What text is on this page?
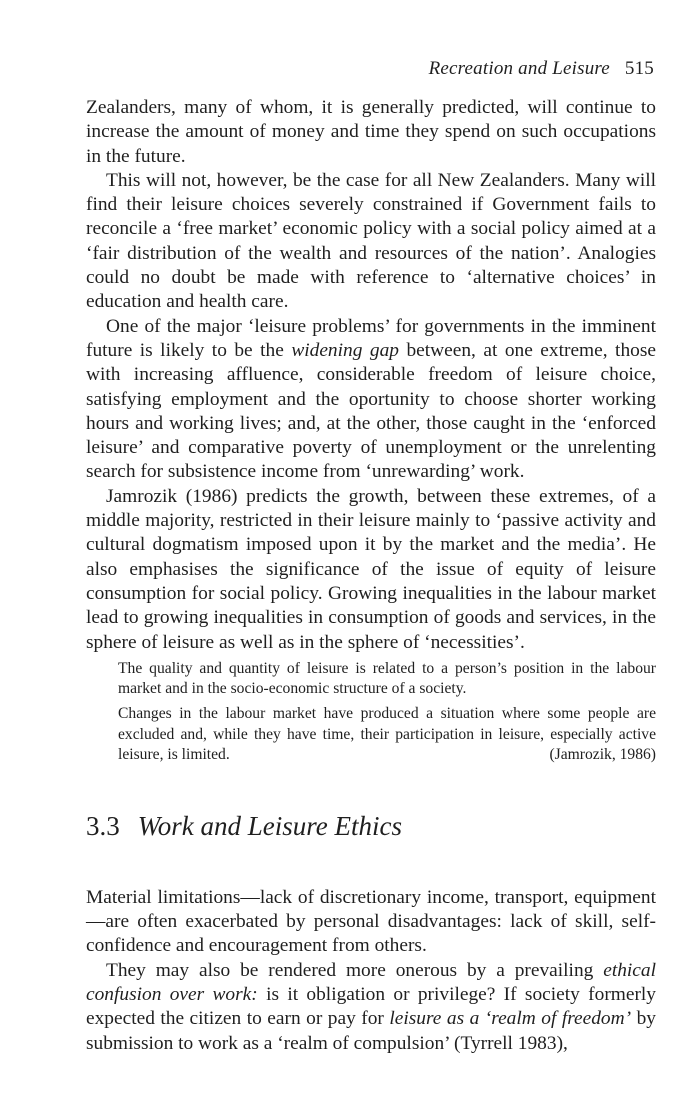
Recreation and Leisure 515

Zealanders, many of whom, it is generally predicted, will continue to increase the amount of money and time they spend on such occupations in the future.

This will not, however, be the case for all New Zealanders. Many will find their leisure choices severely constrained if Government fails to reconcile a ‘free market’ economic policy with a social policy aimed at a ‘fair distribution of the wealth and resources of the nation’. Analogies could no doubt be made with reference to ‘alternative choices’ in education and health care.

One of the major ‘leisure problems’ for governments in the imminent future is likely to be the widening gap between, at one extreme, those with increasing affluence, considerable freedom of leisure choice, satisfying employment and the oportunity to choose shorter working hours and working lives; and, at the other, those caught in the ‘enforced leisure’ and comparative poverty of unemployment or the unrelenting search for subsistence income from ‘unrewarding’ work.

Jamrozik (1986) predicts the growth, between these extremes, of a middle majority, restricted in their leisure mainly to ‘passive activity and cultural dogmatism imposed upon it by the market and the media’. He also emphasises the significance of the issue of equity of leisure consumption for social policy. Growing inequalities in the labour market lead to growing inequalities in consumption of goods and services, in the sphere of leisure as well as in the sphere of ‘necessities’.

The quality and quantity of leisure is related to a person’s position in the labour market and in the socio-economic structure of a society.

Changes in the labour market have produced a situation where some people are excluded and, while they have time, their participation in leisure, especially active leisure, is limited.	(Jamrozik, 1986)

3.3 Work and Leisure Ethics

Material limitations—lack of discretionary income, transport, equipment—are often exacerbated by personal disadvantages: lack of skill, self-confidence and encouragement from others.

They may also be rendered more onerous by a prevailing ethical confusion over work: is it obligation or privilege? If society formerly expected the citizen to earn or pay for leisure as a ‘realm of freedom’ by submission to work as a ‘realm of compulsion’ (Tyrrell 1983),
